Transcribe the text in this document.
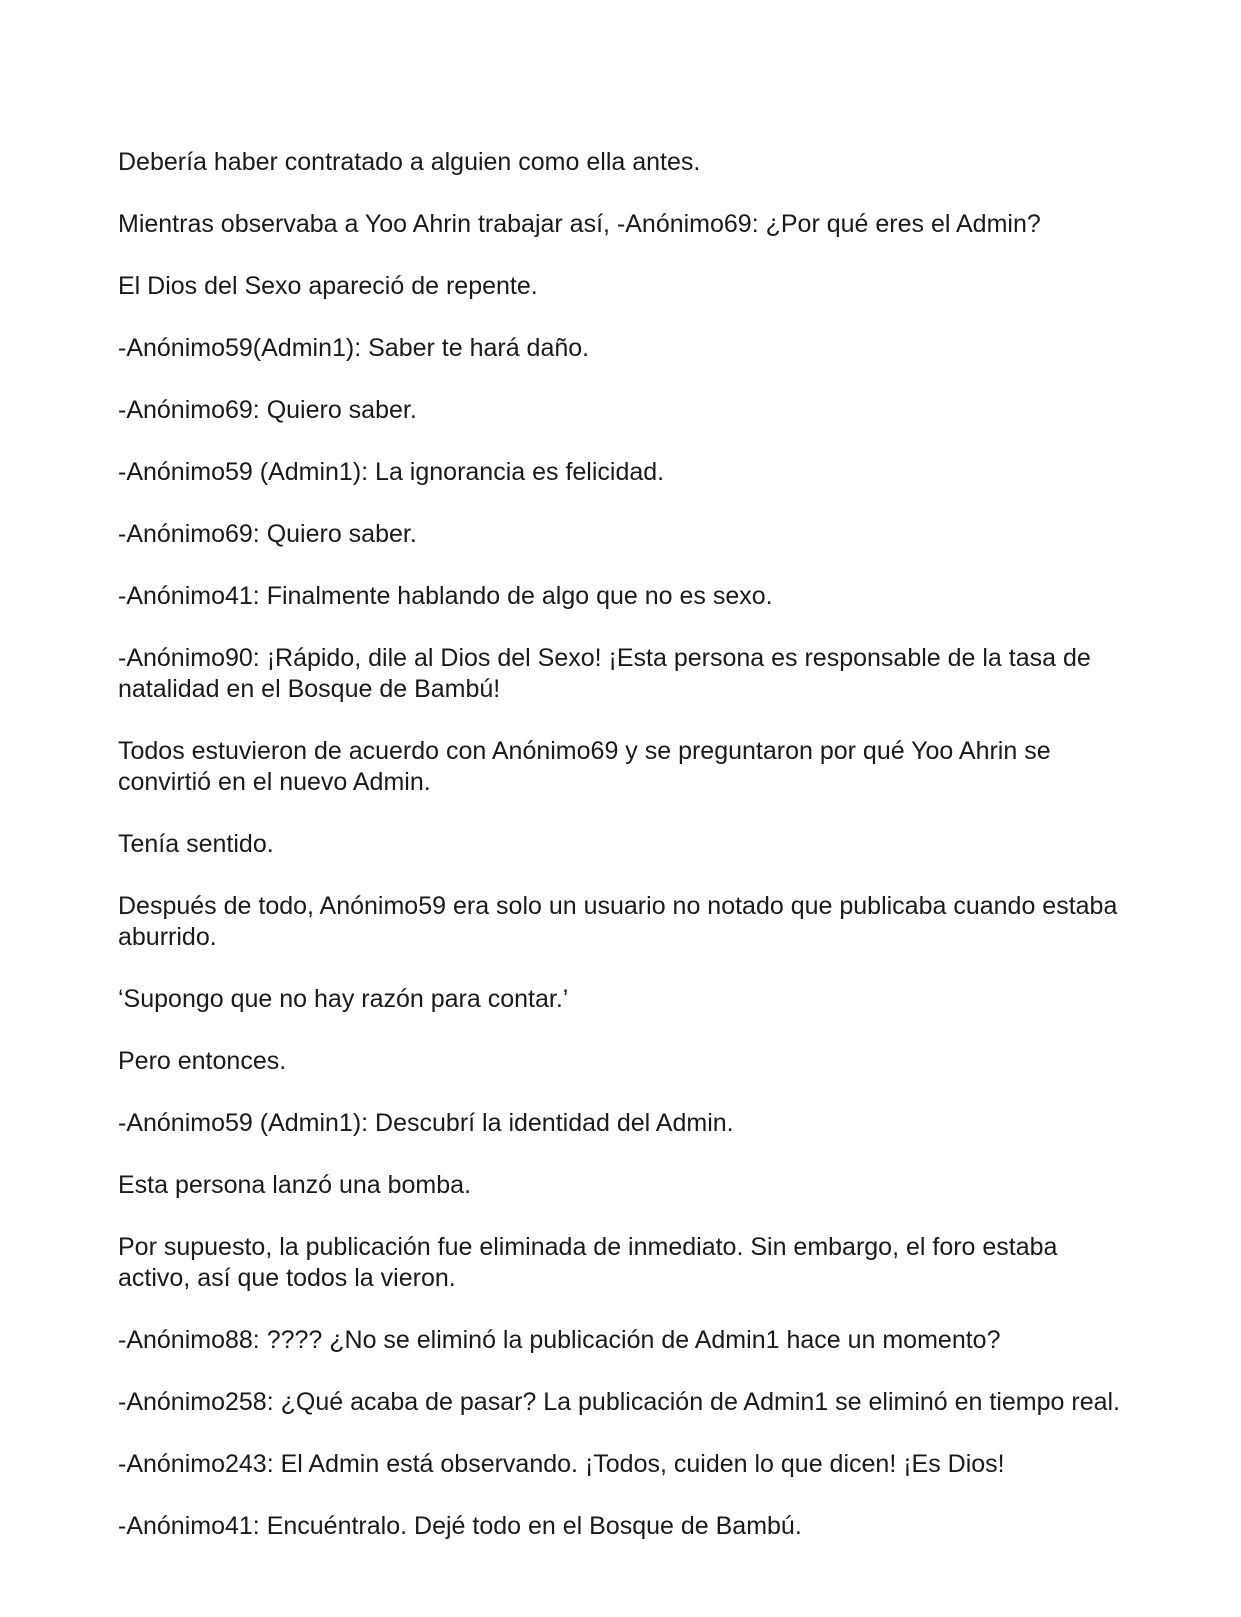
Debería haber contratado a alguien como ella antes.

Mientras observaba a Yoo Ahrin trabajar así, -Anónimo69: ¿Por qué eres el Admin?

El Dios del Sexo apareció de repente.

-Anónimo59(Admin1): Saber te hará daño.

-Anónimo69: Quiero saber.

-Anónimo59 (Admin1): La ignorancia es felicidad.

-Anónimo69: Quiero saber.

-Anónimo41: Finalmente hablando de algo que no es sexo.

-Anónimo90: ¡Rápido, dile al Dios del Sexo! ¡Esta persona es responsable de la tasa de natalidad en el Bosque de Bambú!

Todos estuvieron de acuerdo con Anónimo69 y se preguntaron por qué Yoo Ahrin se convirtió en el nuevo Admin.

Tenía sentido.

Después de todo, Anónimo59 era solo un usuario no notado que publicaba cuando estaba aburrido.

‘Supongo que no hay razón para contar.’

Pero entonces.

-Anónimo59 (Admin1): Descubrí la identidad del Admin.

Esta persona lanzó una bomba.

Por supuesto, la publicación fue eliminada de inmediato. Sin embargo, el foro estaba activo, así que todos la vieron.

-Anónimo88: ???? ¿No se eliminó la publicación de Admin1 hace un momento?

-Anónimo258: ¿Qué acaba de pasar? La publicación de Admin1 se eliminó en tiempo real.

-Anónimo243: El Admin está observando. ¡Todos, cuiden lo que dicen! ¡Es Dios!

-Anónimo41: Encuéntralo. Dejé todo en el Bosque de Bambú.
